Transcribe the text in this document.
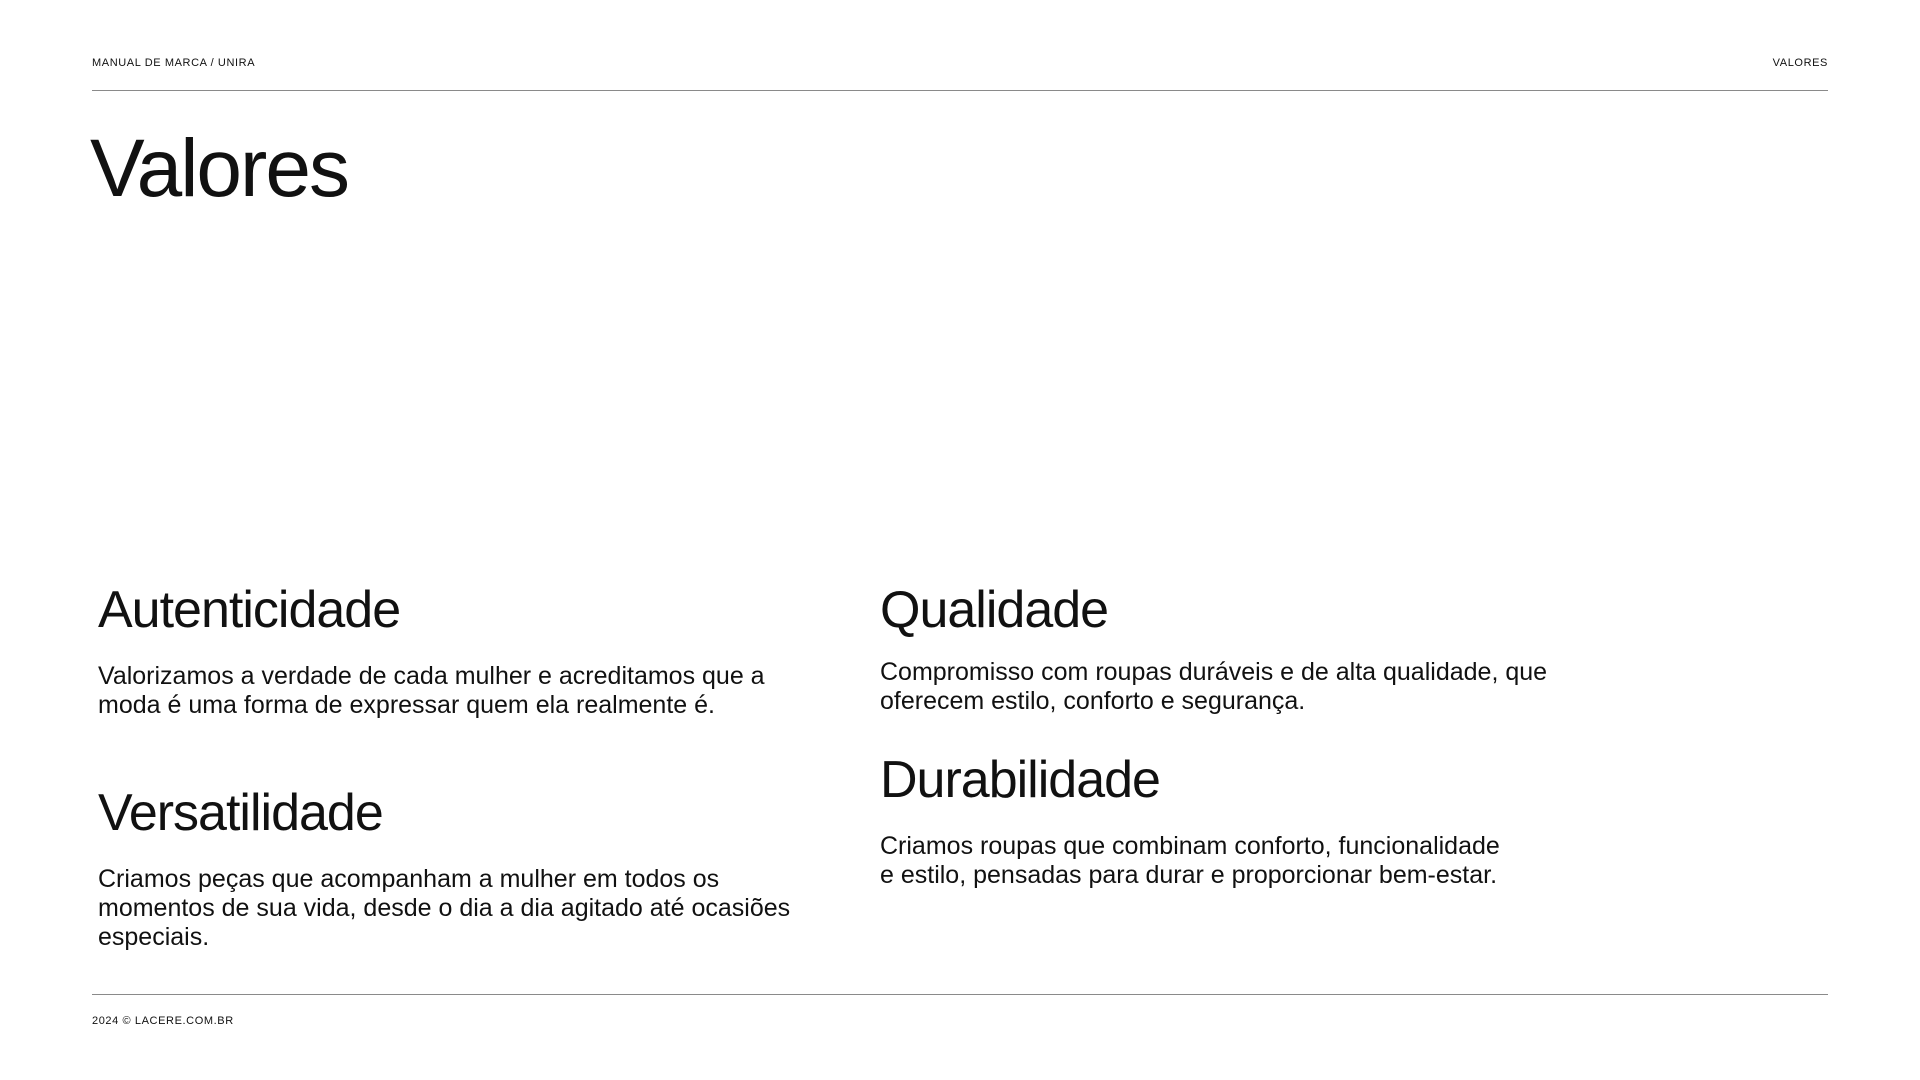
MANUAL DE MARCA / UNIRA	VALORES
Valores
Autenticidade

Valorizamos a verdade de cada mulher e acreditamos que a moda é uma forma de expressar quem ela realmente é.

Versatilidade

Criamos peças que acompanham a mulher em todos os momentos de sua vida, desde o dia a dia agitado até ocasiões especiais.

Qualidade

Compromisso com roupas duráveis e de alta qualidade, que oferecem estilo, conforto e segurança.

Durabilidade

Criamos roupas que combinam conforto, funcionalidade e estilo, pensadas para durar e proporcionar bem-estar.

2024 © LACERE.COM.BR
